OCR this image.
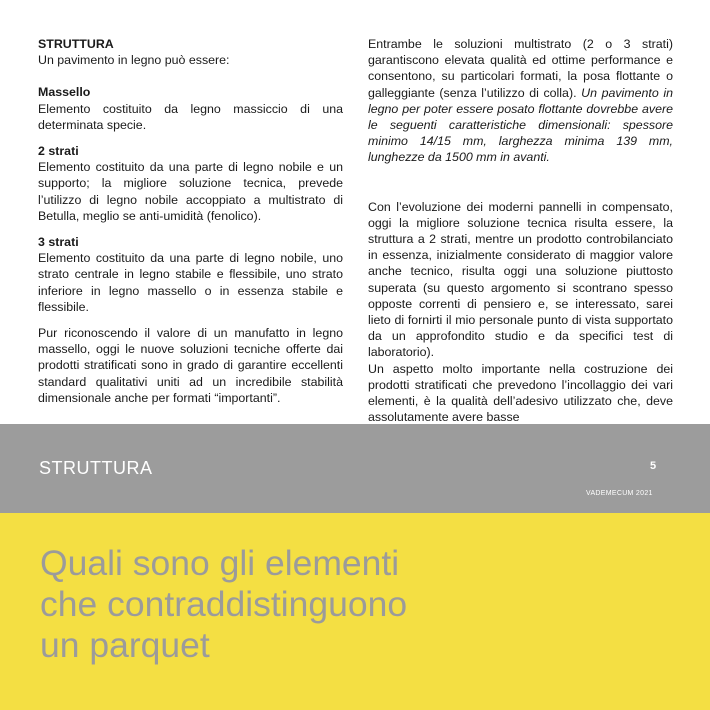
STRUTTURA

Un pavimento in legno può essere:

Massello

Elemento costituito da legno massiccio di una determinata specie.

2 strati

Elemento costituito da una parte di legno nobile e un supporto; la migliore soluzione tecnica, prevede l’utilizzo di legno nobile accoppiato a multistrato di Betulla, meglio se anti-umidità (fenolico).

3 strati

Elemento costituito da una parte di legno nobile, uno strato centrale in legno stabile e flessibile, uno strato inferiore in legno massello o in essenza stabile e flessibile.

Pur riconoscendo il valore di un manufatto in legno massello, oggi le nuove soluzioni tecniche offerte dai prodotti stratificati sono in grado di garantire eccellenti standard qualitativi uniti ad un incredibile stabilità dimensionale anche per formati “importanti”.

Entrambe le soluzioni multistrato (2 o 3 strati) garantiscono elevata qualità ed ottime performance e consentono, su particolari formati, la posa flottante o galleggiante (senza l’utilizzo di colla). Un pavimento in legno per poter essere posato flottante dovrebbe avere le seguenti caratteristiche dimensionali: spessore minimo 14/15 mm, larghezza minima 139 mm, lunghezze da 1500 mm in avanti.

Con l’evoluzione dei moderni pannelli in compensato, oggi la migliore soluzione tecnica risulta essere, la struttura a 2 strati, mentre un prodotto controbilanciato in essenza, inizialmente considerato di maggior valore anche tecnico, risulta oggi una soluzione piuttosto superata (su questo argomento si scontrano spesso opposte correnti di pensiero e, se interessato, sarei lieto di fornirti il mio personale punto di vista supportato da un approfondito studio e da specifici test di laboratorio).

Un aspetto molto importante nella costruzione dei prodotti stratificati che prevedono l’incollaggio dei vari elementi, è la qualità dell’adesivo utilizzato che, deve assolutamente avere basse

STRUTTURA	5
VADEMECUM 2021
Quali sono gli elementi
che contraddistinguono
un parquet
